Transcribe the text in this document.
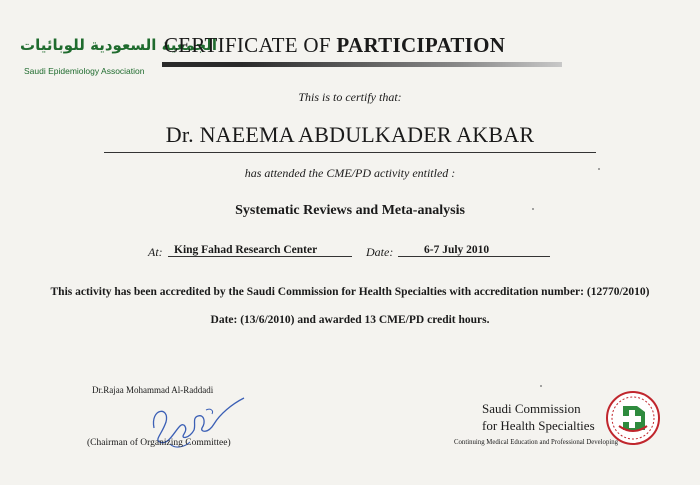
الجمعية السعودية للوبائيات
Saudi Epidemiology Association
CERTIFICATE OF PARTICIPATION
This is to certify that:
Dr. NAEEMA ABDULKADER AKBAR
has attended the CME/PD activity entitled :
Systematic Reviews and Meta-analysis
At: King Fahad Research Center	Date:	6-7 July 2010
This activity has been accredited by the Saudi Commission for Health Specialties with accreditation number: (12770/2010)
Date: (13/6/2010) and awarded 13 CME/PD credit hours.
Dr.Rajaa Mohammad Al-Raddadi
(Chairman of Organizing Committee)
Saudi Commission
for Health Specialties
Continuing Medical Education and Professional Developing
